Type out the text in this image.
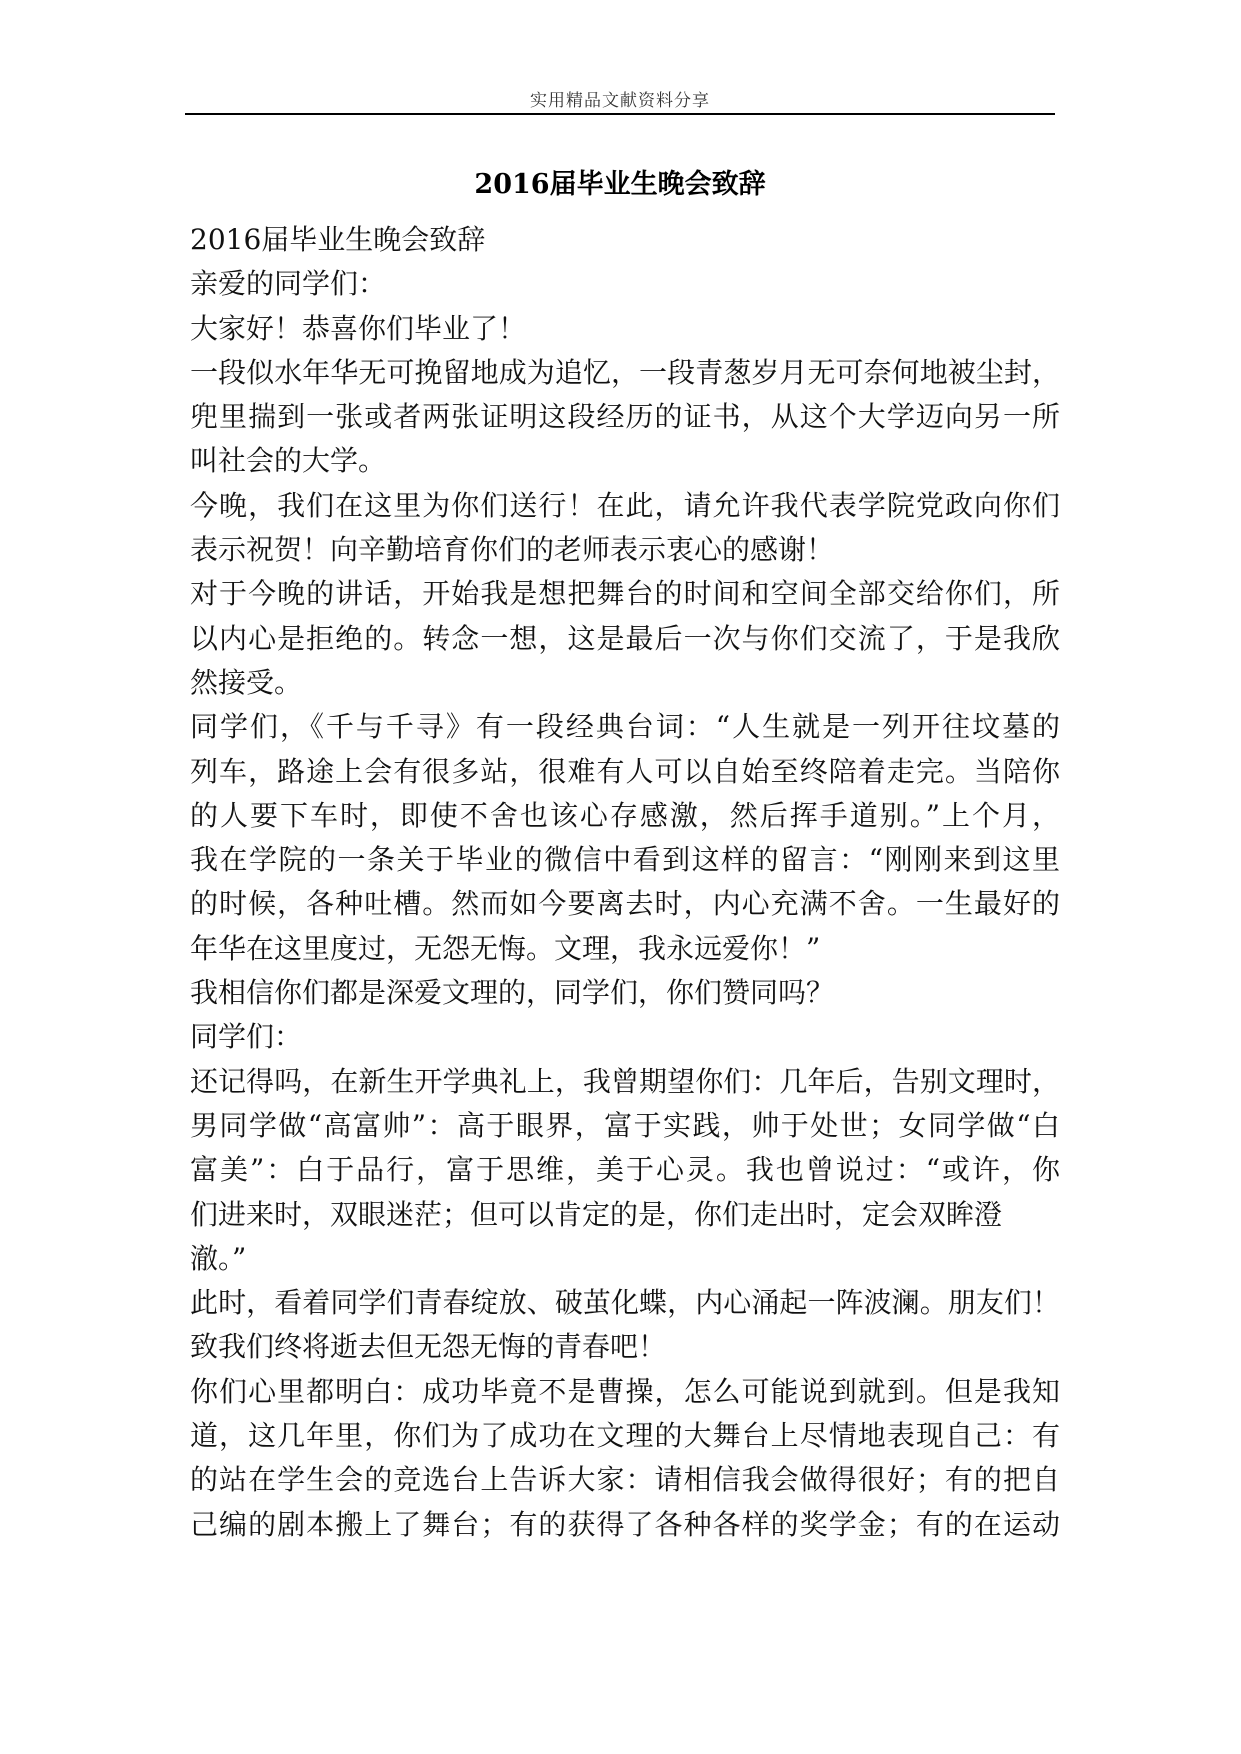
实用精品文献资料分享
2016届毕业生晚会致辞
2016届毕业生晚会致辞
亲爱的同学们：
大家好！恭喜你们毕业了！
一段似水年华无可挽留地成为追忆，一段青葱岁月无可奈何地被尘封，
兜里揣到一张或者两张证明这段经历的证书，从这个大学迈向另一所
叫社会的大学。
今晚，我们在这里为你们送行！在此，请允许我代表学院党政向你们
表示祝贺！向辛勤培育你们的老师表示衷心的感谢！
对于今晚的讲话，开始我是想把舞台的时间和空间全部交给你们，所
以内心是拒绝的。转念一想，这是最后一次与你们交流了，于是我欣
然接受。
同学们，《千与千寻》有一段经典台词：“人生就是一列开往坟墓的
列车，路途上会有很多站，很难有人可以自始至终陪着走完。当陪你
的人要下车时，即使不舍也该心存感激，然后挥手道别。”上个月，
我在学院的一条关于毕业的微信中看到这样的留言：“刚刚来到这里
的时候，各种吐槽。然而如今要离去时，内心充满不舍。一生最好的
年华在这里度过，无怨无悔。文理，我永远爱你！”
我相信你们都是深爱文理的，同学们，你们赞同吗？
同学们：
还记得吗，在新生开学典礼上，我曾期望你们：几年后，告别文理时，
男同学做“高富帅”：高于眼界，富于实践，帅于处世；女同学做“白
富美”：白于品行，富于思维，美于心灵。我也曾说过：“或许，你
们进来时，双眼迷茫；但可以肯定的是，你们走出时，定会双眸澄
澈。”
此时，看着同学们青春绽放、破茧化蝶，内心涌起一阵波澜。朋友们！
致我们终将逝去但无怨无悔的青春吧！
你们心里都明白：成功毕竟不是曹操，怎么可能说到就到。但是我知
道，这几年里，你们为了成功在文理的大舞台上尽情地表现自己：有
的站在学生会的竞选台上告诉大家：请相信我会做得很好；有的把自
己编的剧本搬上了舞台；有的获得了各种各样的奖学金；有的在运动
